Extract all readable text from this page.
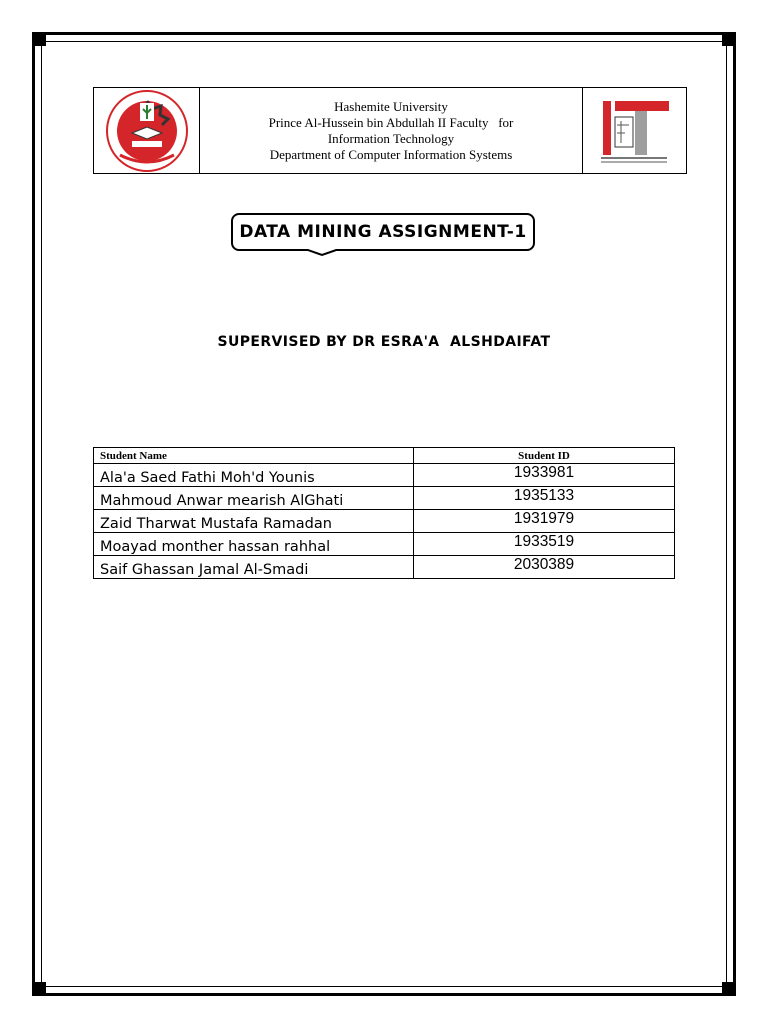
Hashemite University
Prince Al-Hussein bin Abdullah II Faculty   for
Information Technology
Department of Computer Information Systems
DATA MINING ASSIGNMENT-1
SUPERVISED BY DR ESRA'A  ALSHDAIFAT
Student Name	Student ID
Ala'a Saed Fathi Moh'd Younis	1933981
Mahmoud Anwar mearish AlGhati	1935133
Zaid Tharwat Mustafa Ramadan	1931979
Moayad monther hassan rahhal	1933519
Saif Ghassan Jamal Al-Smadi	2030389
